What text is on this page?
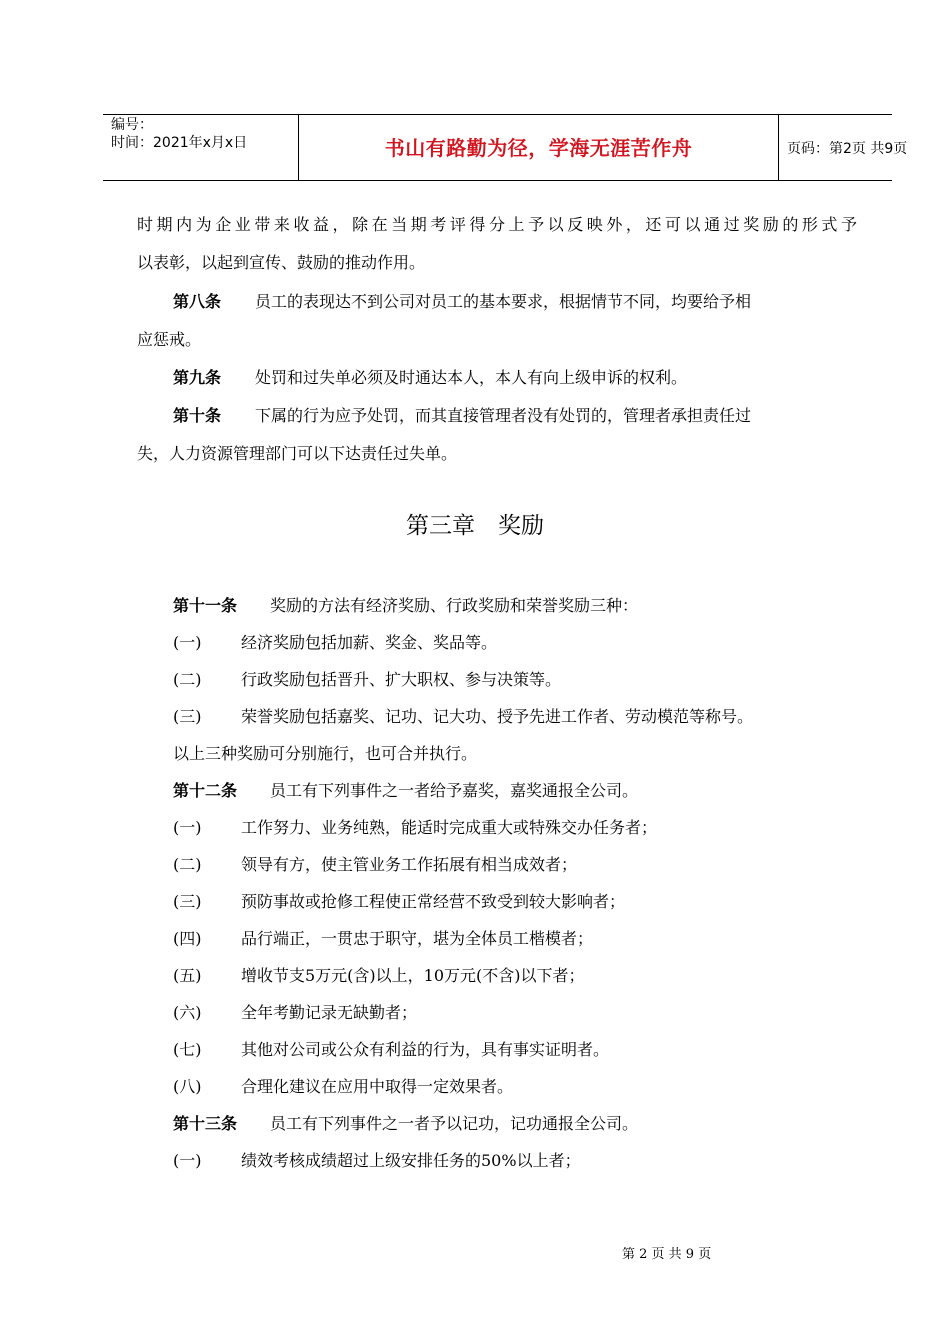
编号：
时间：2021年x月x日	书山有路勤为径，学海无涯苦作舟	页码：第2页 共9页
时期内为企业带来收益，除在当期考评得分上予以反映外，还可以通过奖励的形式予
以表彰，以起到宣传、鼓励的推动作用。
第八条 员工的表现达不到公司对员工的基本要求，根据情节不同，均要给予相
应惩戒。
第九条 处罚和过失单必须及时通达本人，本人有向上级申诉的权利。
第十条 下属的行为应予处罚，而其直接管理者没有处罚的，管理者承担责任过
失，人力资源管理部门可以下达责任过失单。
第三章　奖励
第十一条 奖励的方法有经济奖励、行政奖励和荣誉奖励三种：
(一) 经济奖励包括加薪、奖金、奖品等。
(二) 行政奖励包括晋升、扩大职权、参与决策等。
(三) 荣誉奖励包括嘉奖、记功、记大功、授予先进工作者、劳动模范等称号。
以上三种奖励可分别施行，也可合并执行。
第十二条 员工有下列事件之一者给予嘉奖，嘉奖通报全公司。
(一) 工作努力、业务纯熟，能适时完成重大或特殊交办任务者；
(二) 领导有方，使主管业务工作拓展有相当成效者；
(三) 预防事故或抢修工程使正常经营不致受到较大影响者；
(四) 品行端正，一贯忠于职守，堪为全体员工楷模者；
(五) 增收节支5万元(含)以上，10万元(不含)以下者；
(六) 全年考勤记录无缺勤者；
(七) 其他对公司或公众有利益的行为，具有事实证明者。
(八) 合理化建议在应用中取得一定效果者。
第十三条 员工有下列事件之一者予以记功，记功通报全公司。
(一) 绩效考核成绩超过上级安排任务的50%以上者；
第 2 页 共 9 页
